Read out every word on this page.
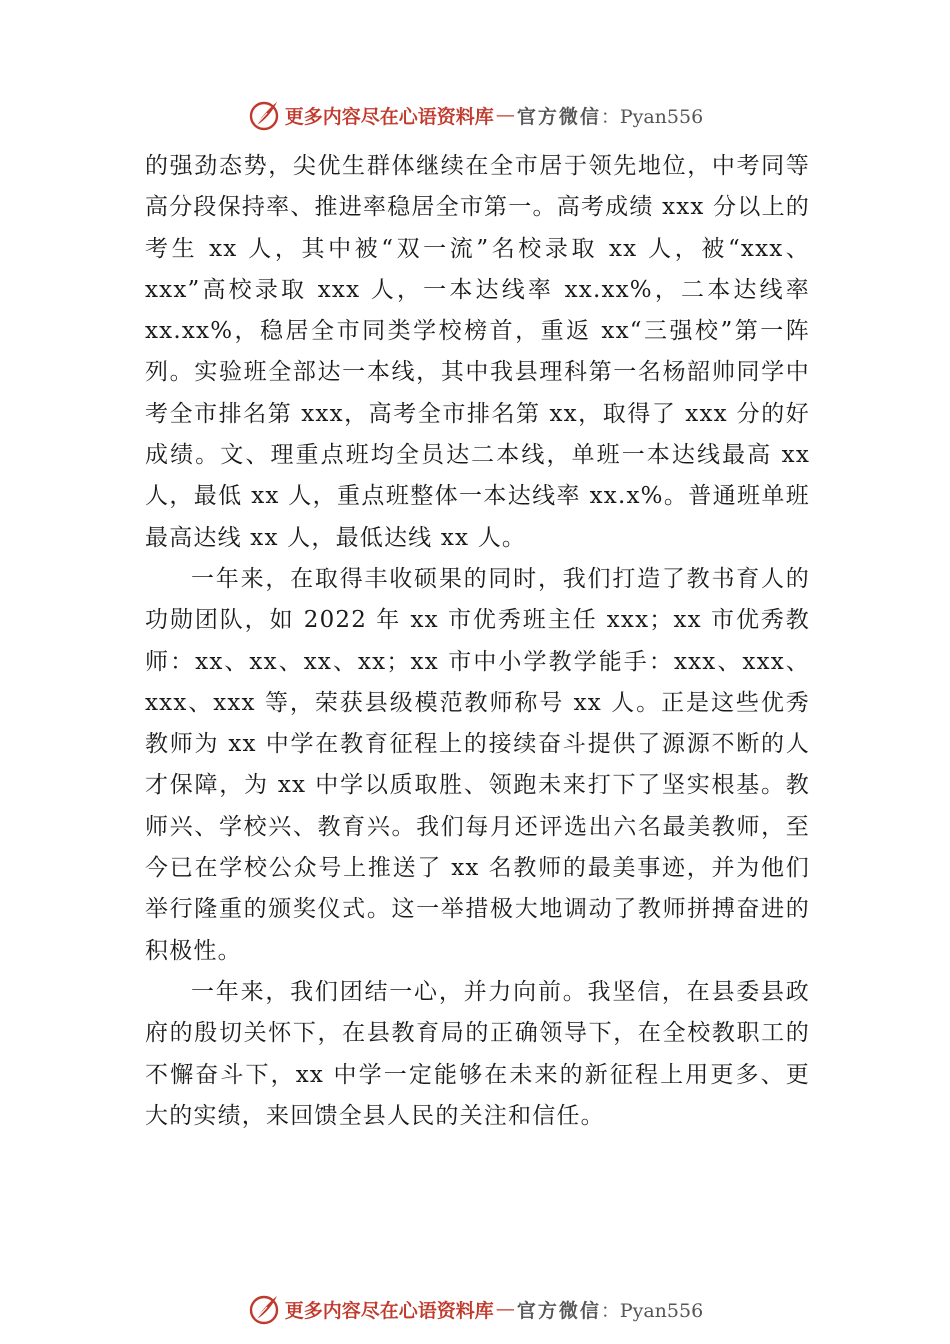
更多内容尽在心语资料库 — 官方微信 ：Pyan556

的强劲态势，尖优生群体继续在全市居于领先地位，中考同等高分段保持率、推进率稳居全市第一。高考成绩 xxx 分以上的考生 xx 人，其中被“双一流”名校录取 xx 人，被“xxx、xxx”高校录取 xxx 人，一本达线率 xx.xx%，二本达线率 xx.xx%，稳居全市同类学校榜首，重返 xx“三强校”第一阵列。实验班全部达一本线，其中我县理科第一名杨韶帅同学中考全市排名第 xxx，高考全市排名第 xx，取得了 xxx 分的好成绩。文、理重点班均全员达二本线，单班一本达线最高 xx 人，最低 xx 人，重点班整体一本达线率 xx.x%。普通班单班最高达线 xx 人，最低达线 xx 人。

一年来，在取得丰收硕果的同时，我们打造了教书育人的功勋团队，如 2022 年 xx 市优秀班主任 xxx；xx 市优秀教师：xx、xx、xx、xx；xx 市中小学教学能手：xxx、xxx、xxx、xxx 等，荣获县级模范教师称号 xx 人。正是这些优秀教师为 xx 中学在教育征程上的接续奋斗提供了源源不断的人才保障，为 xx 中学以质取胜、领跑未来打下了坚实根基。教师兴、学校兴、教育兴。我们每月还评选出六名最美教师，至今已在学校公众号上推送了 xx 名教师的最美事迹，并为他们举行隆重的颁奖仪式。这一举措极大地调动了教师拼搏奋进的积极性。

一年来，我们团结一心，并力向前。我坚信，在县委县政府的殷切关怀下，在县教育局的正确领导下，在全校教职工的不懈奋斗下，xx 中学一定能够在未来的新征程上用更多、更大的实绩，来回馈全县人民的关注和信任。

更多内容尽在心语资料库 — 官方微信 ：Pyan556
